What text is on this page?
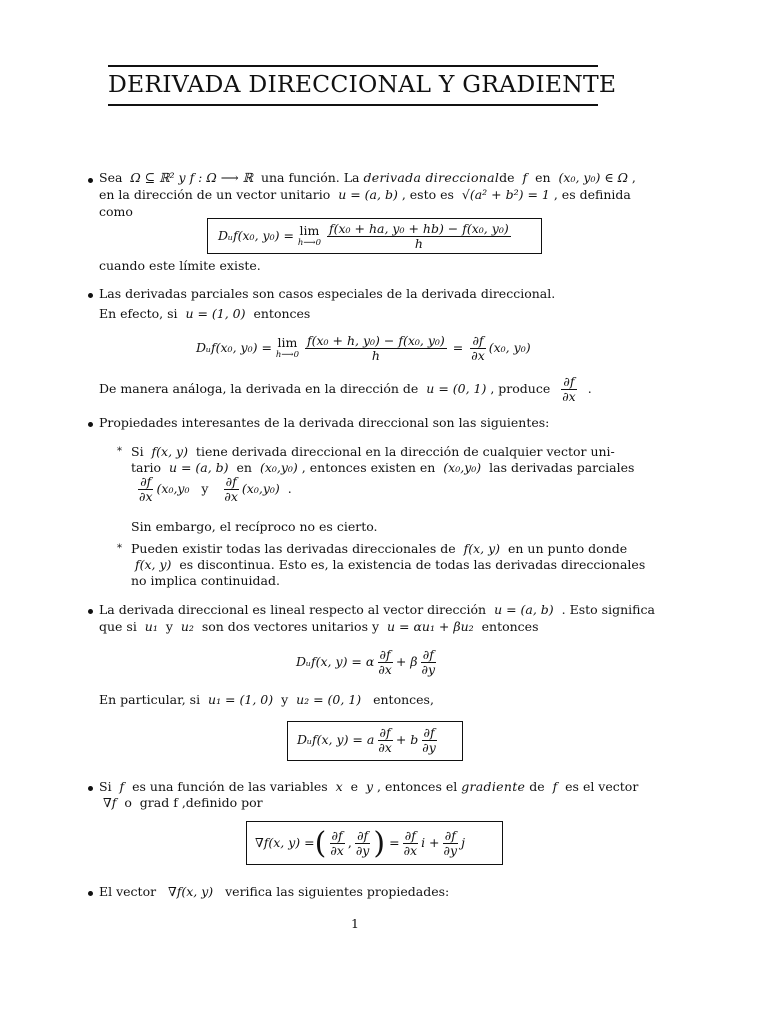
DERIVADA DIRECCIONAL Y GRADIENTE
Sea Ω ⊆ ℝ² y f : Ω ⟶ ℝ una función. La derivada direccionalde f en (x₀, y₀) ∈ Ω ,
en la dirección de un vector unitario u = (a, b) , esto es √(a² + b²) = 1 , es definida
como
Dᵤf(x₀, y₀) = lim
h⟶0
$\frac{\text{f(x₀ + ha, y₀ + hb) − f(x₀, y₀)}}{h}$
cuando este límite existe.
Las derivadas parciales son casos especiales de la derivada direccional.
En efecto, si u = (1, 0) entonces
Dᵤf(x₀, y₀) = lim
h⟶0
$\frac{\text{f(x₀ + h, y₀) − f(x₀, y₀)}}{h} = \frac{\partial f}{\partial x} (x_0$, y₀)
De manera análoga, la derivada en la dirección de u = (0, 1) , produce $\frac{\partial f}{\partial x}$ .
Propiedades interesantes de la derivada direccional son las siguientes:
* Si f(x, y) tiene derivada direccional en la dirección de cualquier vector uni-
tario u = (a, b) en (x₀,y₀) , entonces existen en (x₀,y₀) las derivadas parciales
$\frac{\partial f}{\partial x} (x_0,y_0$ y $\frac{\partial f}{\partial x} (x_0,y_0)$ .
Sin embargo, el recíproco no es cierto.
* Pueden existir todas las derivadas direccionales de f(x, y) en un punto donde
f(x, y) es discontinua. Esto es, la existencia de todas las derivadas direccionales
no implica continuidad.
La derivada direccional es lineal respecto al vector dirección u = (a, b) . Esto significa
que si u₁ y u₂ son dos vectores unitarios y u = αu₁ + βu₂ entonces
Dᵤf(x, y) = α $\frac{\partial f}{\partial x} + \beta \frac{\partial f}{\partial y}$
En particular, si u₁ = (1, 0) y u₂ = (0, 1) entonces,
Dᵤf(x, y) = a $\frac{\partial f}{\partial x} + b \frac{\partial f}{\partial y}$
Si f es una función de las variables x e y , entonces el gradiente de f es el vector
∇f o grad f ,definido por
∇f(x, y) =( $\frac{\partial f}{\partial x}$ , $\frac{\partial f}{\partial y}$ ) = $\frac{\partial f}{\partial x}$ $i + \frac{\partial f}{\partial y}$ j
El vector ∇f(x, y) verifica las siguientes propiedades:
1
